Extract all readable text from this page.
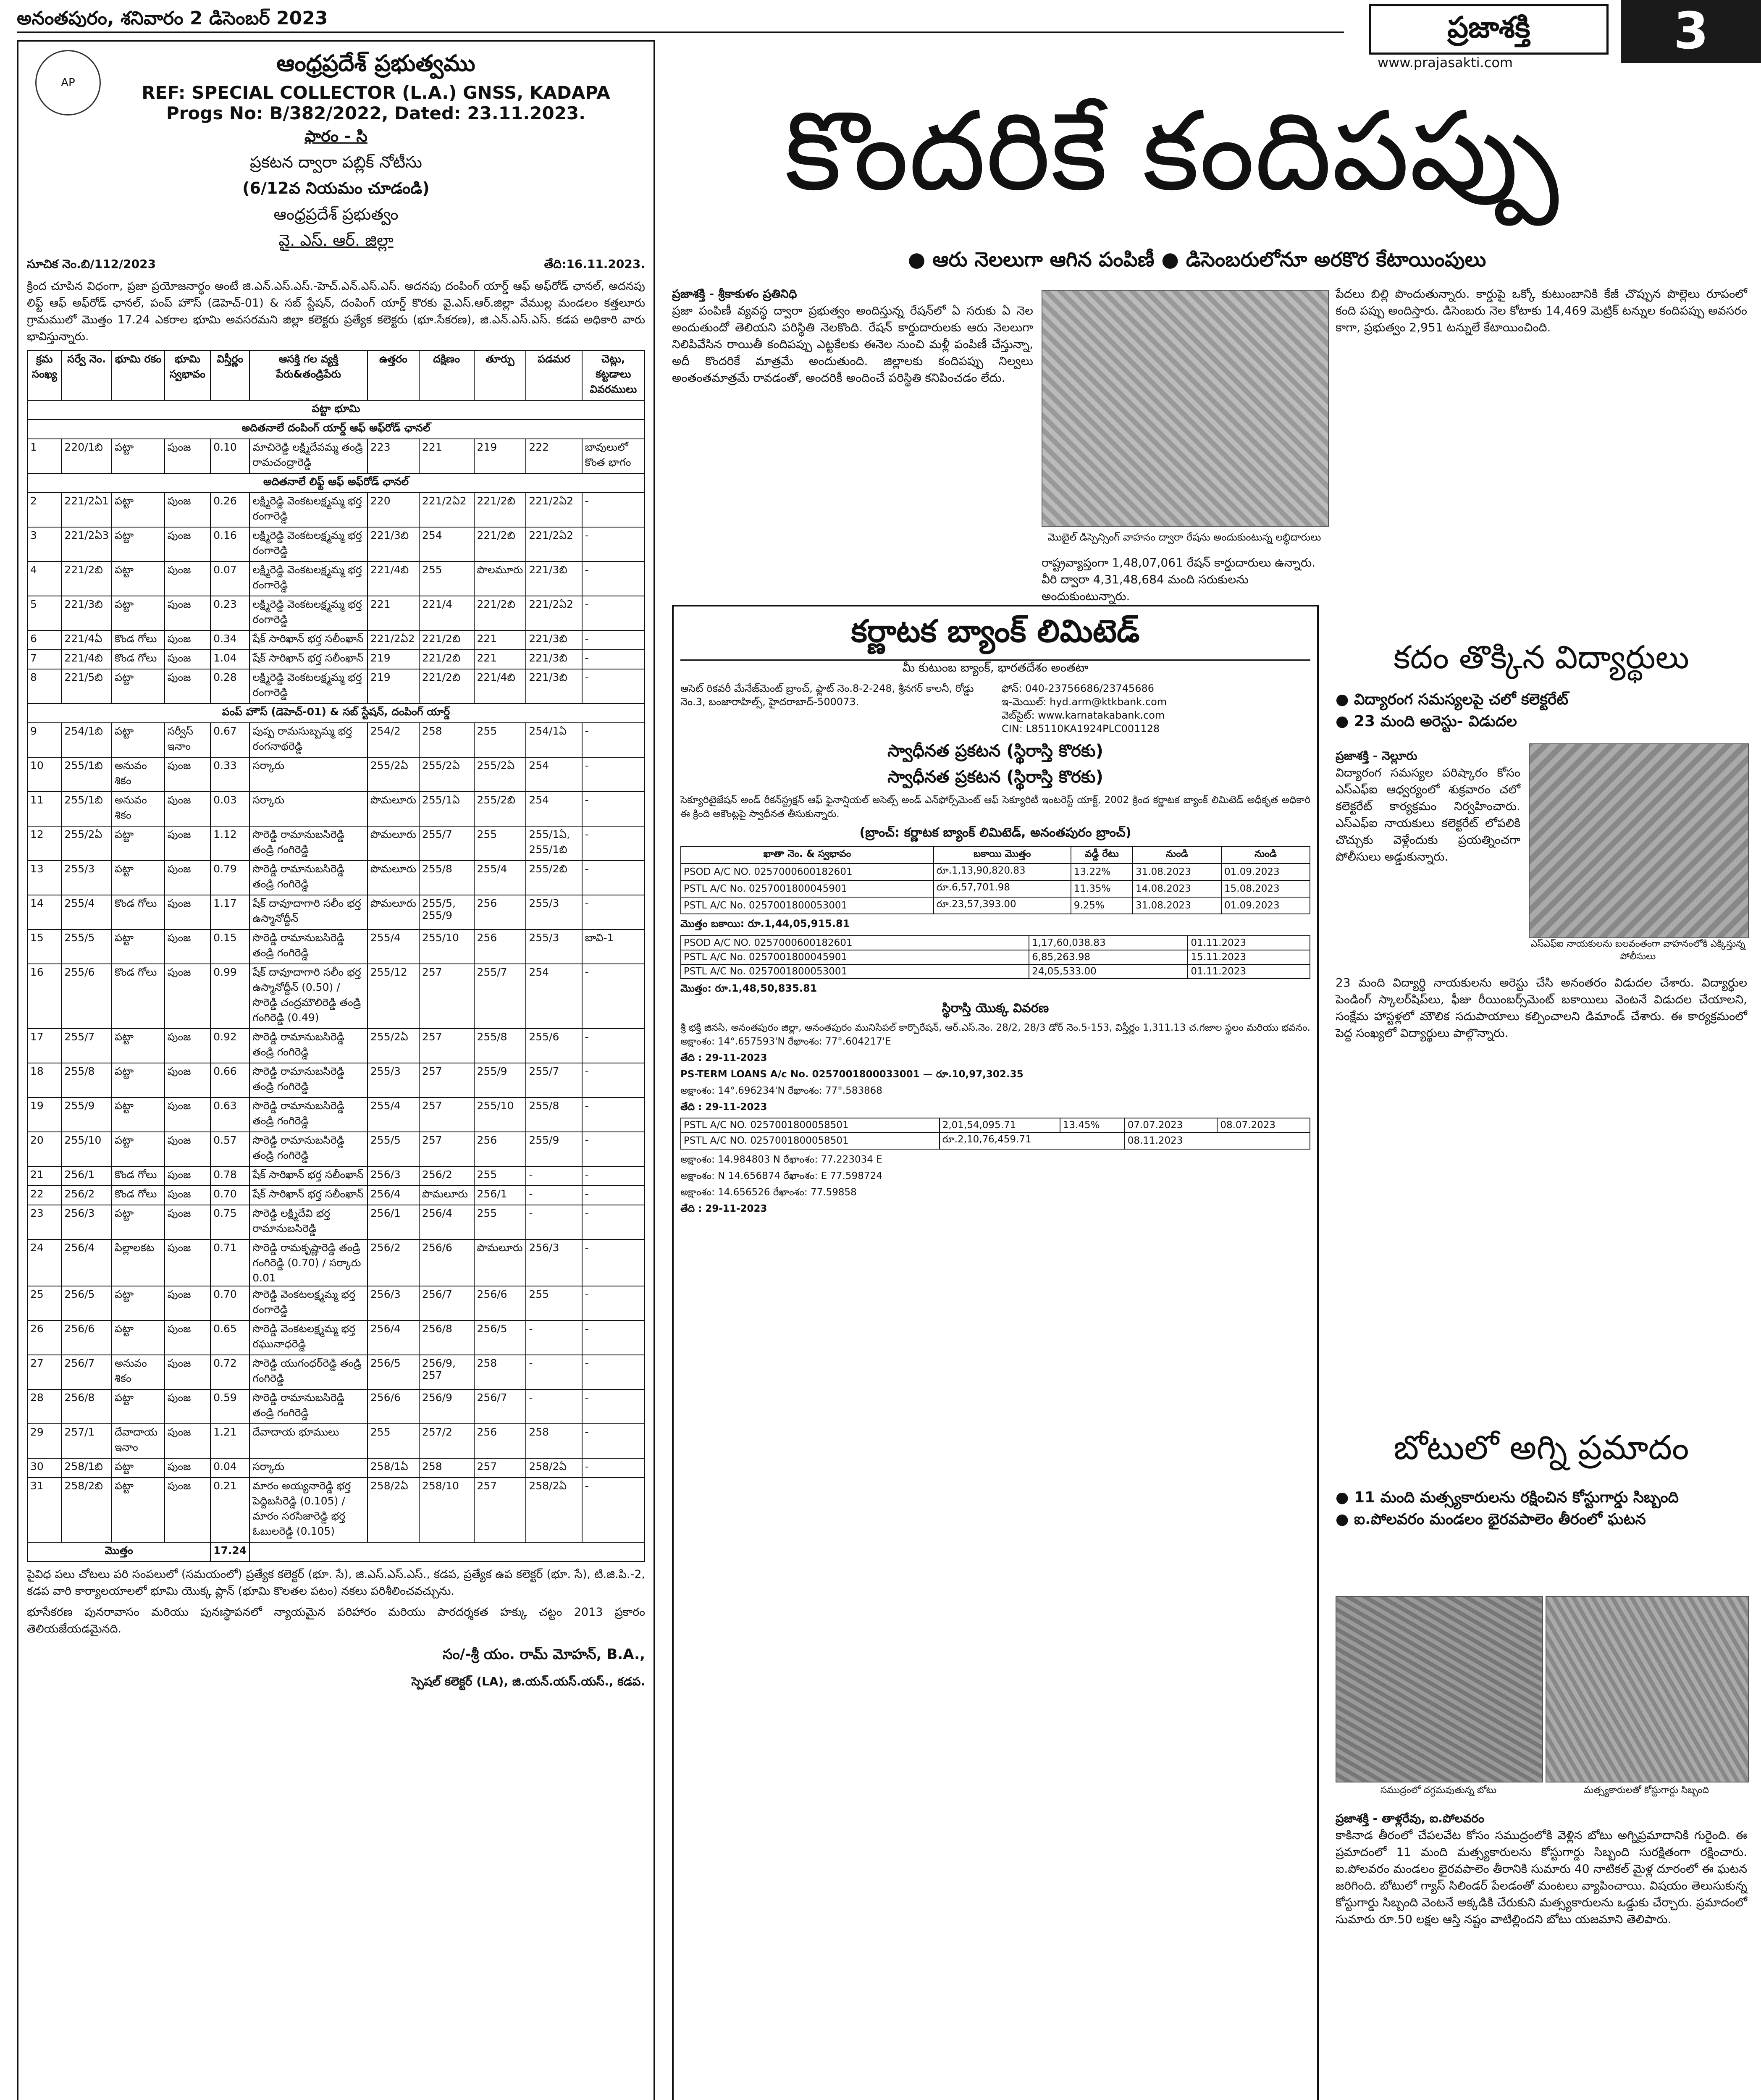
అనంతపురం, శనివారం 2 డిసెంబర్ 2023	ప్రజాశక్తి
www.prajasakti.com
3
AP
ఆంధ్రప్రదేశ్ ప్రభుత్వము
REF: SPECIAL COLLECTOR (L.A.) GNSS, KADAPA
Progs No: B/382/2022, Dated: 23.11.2023.
ఫారం - సి
ప్రకటన ద్వారా పబ్లిక్ నోటీసు
(6/12వ నియమం చూడండి)
ఆంధ్రప్రదేశ్ ప్రభుత్వం
వై. ఎస్. ఆర్. జిల్లా
సూచిక నెం.బి/112/2023	తేది:16.11.2023.
క్రింద చూపిన విధంగా, ప్రజా ప్రయోజనార్థం అంటే జి.ఎన్.ఎస్.ఎస్.-హెచ్.ఎన్.ఎస్.ఎస్. అదనపు దంపింగ్ యార్డ్ ఆఫ్ అఫ్‌రోడ్ ఛానల్, అదనపు లిఫ్ట్ ఆఫ్ అఫ్‌రోడ్ ఛానల్, పంప్ హౌస్ (డెహెచ్-01) & సబ్ స్టేషన్, దంపింగ్ యార్డ్ కొరకు వై.ఎస్.ఆర్.జిల్లా వేముల్ల మండలం కత్తలూరు గ్రామములో మొత్తం 17.24 ఎకరాల భూమి అవసరమని జిల్లా కలెక్టరు ప్రత్యేక కలెక్టరు (భూ.సేకరణ), జి.ఎన్.ఎస్.ఎస్. కడప అధికారి వారు భావిస్తున్నారు.
క్రమ సంఖ్య	సర్వే నెం.	భూమి రకం	భూమి స్వభావం	విస్తీర్ణం	ఆసక్తి గల వ్యక్తి పేరు&తండ్రిపేరు	ఉత్తరం	దక్షిణం	తూర్పు	పడమర	చెట్లు, కట్టడాలు వివరములు
పట్టా భూమి										
అదితనాలే దంపింగ్ యార్డ్ ఆఫ్ అఫ్‌రోడ్ ఛానల్										
1	220/1బి	పట్టా	పుంజ	0.10	మాచిరెడ్డి లక్ష్మిదేవమ్మ తండ్రి రామచంద్రారెడ్డి	223	221	219	222	బావులులో కొంత భాగం
అదితనాలే లిఫ్ట్ ఆఫ్ అఫ్‌రోడ్ ఛానల్										
2	221/2ఏ1	పట్టా	పుంజ	0.26	లక్ష్మిరెడ్డి వెంకటలక్ష్మమ్మ భర్త రంగారెడ్డి	220	221/2ఏ2	221/2బి	221/2ఏ2	-
3	221/2ఏ3	పట్టా	పుంజ	0.16	లక్ష్మిరెడ్డి వెంకటలక్ష్మమ్మ భర్త రంగారెడ్డి	221/3బి	254	221/2బి	221/2ఏ2	-
4	221/2బి	పట్టా	పుంజ	0.07	లక్ష్మిరెడ్డి వెంకటలక్ష్మమ్మ భర్త రంగారెడ్డి	221/4బి	255	పొలమూరు	221/3బి	-
5	221/3బి	పట్టా	పుంజ	0.23	లక్ష్మిరెడ్డి వెంకటలక్ష్మమ్మ భర్త రంగారెడ్డి	221	221/4	221/2బి	221/2ఏ2	-
6	221/4ఏ	కొండ గోలు	పుంజ	0.34	షేక్ సారిఖాన్ భర్త సలీంఖాన్	221/2ఏ2	221/2బి	221	221/3బి	-
7	221/4బి	కొండ గోలు	పుంజ	1.04	షేక్ సారిఖాన్ భర్త సలీంఖాన్	219	221/2బి	221	221/3బి	-
8	221/5బి	పట్టా	పుంజ	0.28	లక్ష్మిరెడ్డి వెంకటలక్ష్మమ్మ భర్త రంగారెడ్డి	219	221/2బి	221/4బి	221/3బి	-
పంప్ హౌస్ (డెహెచ్-01) & సబ్ స్టేషన్, దంపింగ్ యార్డ్										
9	254/1బి	పట్టా	సర్వీస్ ఇనాం	0.67	పుష్ప రామసుబ్బమ్మ భర్త రంగనాథరెడ్డి	254/2	258	255	254/1ఏ	-
10	255/1బి	అనువం శికం	పుంజ	0.33	సర్కారు	255/2ఏ	255/2ఏ	255/2ఏ	254	-
11	255/1బి	అనువం శికం	పుంజ	0.03	సర్కారు	పొమలూరు	255/1ఏ	255/2బి	254	-
12	255/2ఏ	పట్టా	పుంజ	1.12	సొరెడ్డి రామానుబసిరెడ్డి తండ్రి గంగిరెడ్డి	పొమలూరు	255/7	255	255/1ఏ, 255/1బి	-
13	255/3	పట్టా	పుంజ	0.79	సొరెడ్డి రామానుబసిరెడ్డి తండ్రి గంగిరెడ్డి	పొమలూరు	255/8	255/4	255/2బి	-
14	255/4	కొండ గోలు	పుంజ	1.17	షేక్ దావూదాగారి సలీం భర్త ఉస్మానోద్దీన్	పొమలూరు	255/5, 255/9	256	255/3	-
15	255/5	పట్టా	పుంజ	0.15	సొరెడ్డి రామానుబసిరెడ్డి తండ్రి గంగిరెడ్డి	255/4	255/10	256	255/3	బావి-1
16	255/6	కొండ గోలు	పుంజ	0.99	షేక్ దావూదాగారి సలీం భర్త ఉస్మానోద్దీన్ (0.50) / సొరెడ్డి చంద్రమౌలిరెడ్డి తండ్రి గంగిరెడ్డి (0.49)	255/12	257	255/7	254	-
17	255/7	పట్టా	పుంజ	0.92	సొరెడ్డి రామానుబసిరెడ్డి తండ్రి గంగిరెడ్డి	255/2ఏ	257	255/8	255/6	-
18	255/8	పట్టా	పుంజ	0.66	సొరెడ్డి రామానుబసిరెడ్డి తండ్రి గంగిరెడ్డి	255/3	257	255/9	255/7	-
19	255/9	పట్టా	పుంజ	0.63	సొరెడ్డి రామానుబసిరెడ్డి తండ్రి గంగిరెడ్డి	255/4	257	255/10	255/8	-
20	255/10	పట్టా	పుంజ	0.57	సొరెడ్డి రామానుబసిరెడ్డి తండ్రి గంగిరెడ్డి	255/5	257	256	255/9	-
21	256/1	కొండ గోలు	పుంజ	0.78	షేక్ సారిఖాన్ భర్త సలీంఖాన్	256/3	256/2	255	-	-
22	256/2	కొండ గోలు	పుంజ	0.70	షేక్ సారిఖాన్ భర్త సలీంఖాన్	256/4	పొమలూరు	256/1	-	-
23	256/3	పట్టా	పుంజ	0.75	సొరెడ్డి లక్ష్మిదేవి భర్త రామానుబసిరెడ్డి	256/1	256/4	255	-	-
24	256/4	పిల్లాలకట	పుంజ	0.71	సొరెడ్డి రామకృష్ణారెడ్డి తండ్రి గంగిరెడ్డి (0.70) / సర్కారు 0.01	256/2	256/6	పొమలూరు	256/3	-
25	256/5	పట్టా	పుంజ	0.70	సొరెడ్డి వెంకటలక్ష్మమ్మ భర్త రంగారెడ్డి	256/3	256/7	256/6	255	-
26	256/6	పట్టా	పుంజ	0.65	సొరెడ్డి వెంకటలక్ష్మమ్మ భర్త రఘునాధరెడ్డి	256/4	256/8	256/5	-	-
27	256/7	అనువం శికం	పుంజ	0.72	సొరెడ్డి యుగంధర్‌రెడ్డి తండ్రి గంగిరెడ్డి	256/5	256/9, 257	258	-	-
28	256/8	పట్టా	పుంజ	0.59	సొరెడ్డి రామానుబసిరెడ్డి తండ్రి గంగిరెడ్డి	256/6	256/9	256/7	-	-
29	257/1	దేవాదాయ ఇనాం	పుంజ	1.21	దేవాదాయ భూములు	255	257/2	256	258	-
30	258/1బి	పట్టా	పుంజ	0.04	సర్కారు	258/1ఏ	258	257	258/2ఏ	-
31	258/2బి	పట్టా	పుంజ	0.21	మారం అయ్యనారెడ్డి భర్త పెద్దిబసిరెడ్డి (0.105) / మారం సరసిజారెడ్డి భర్త ఓబులరెడ్డి (0.105)	258/2ఏ	258/10	257	258/2ఏ	-
మొత్తం				17.24						
పైవిధ పలు చోటలు పరి సంపలులో (సమయంలో) ప్రత్యేక కలెక్టర్ (భూ. సే), జి.ఎస్.ఎస్.ఎస్., కడప, ప్రత్యేక ఉప కలెక్టర్ (భూ. సే), టి.జి.పి.-2, కడప వారి కార్యాలయాలలో భూమి యొక్క ప్లాన్ (భూమి కొలతల పటం) నకలు పరిశీలించవచ్చును.
భూసేకరణ పునరావాసం మరియు పునఃస్థాపనలో న్యాయమైన పరిహారం మరియు పారదర్శకత హక్కు చట్టం 2013 ప్రకారం తెలియజేయడమైనది.
సం/-శ్రీ యం. రామ్ మోహన్, B.A.,
స్పెషల్ కలెక్టర్ (LA), జి.యన్.యస్.యస్., కడప.
కొందరికే కందిపప్పు
● ఆరు నెలలుగా ఆగిన పంపిణీ ● డిసెంబరులోనూ అరకొర కేటాయింపులు
ప్రజాశక్తి - శ్రీకాకుళం ప్రతినిధి
ప్రజా పంపిణీ వ్యవస్థ ద్వారా ప్రభుత్వం అందిస్తున్న రేషన్‌లో ఏ సరుకు ఏ నెల అందుతుందో తెలియని పరిస్థితి నెలకొంది. రేషన్ కార్డుదారులకు ఆరు నెలలుగా నిలిపివేసిన రాయితీ కందిపప్పు ఎట్టకేలకు ఈనెల నుంచి మళ్లీ పంపిణీ చేస్తున్నా, అదీ కొందరికే మాత్రమే అందుతుంది. జిల్లాలకు కందిపప్పు నిల్వలు అంతంతమాత్రమే రావడంతో, అందరికీ అందించే పరిస్థితి కనిపించడం లేదు.
మొబైల్ డిస్పెన్సింగ్ వాహనం ద్వారా రేషను అందుకుంటున్న లబ్ధిదారులు
పేదలు బిల్లి పొందుతున్నారు. కార్డుపై ఒక్కో కుటుంబానికి కేజీ చొప్పున పొల్లెలు రూపంలో కంది పప్పు అందిస్తారు. డిసెంబరు నెల కోటాకు 14,469 మెట్రిక్ టన్నుల కందిపప్పు అవసరం కాగా, ప్రభుత్వం 2,951 టన్నులే కేటాయించింది.
రాష్ట్రవ్యాప్తంగా 1,48,07,061 రేషన్ కార్డుదారులు ఉన్నారు. వీరి ద్వారా 4,31,48,684 మంది సరుకులను అందుకుంటున్నారు.
కర్ణాటక బ్యాంక్ లిమిటెడ్
మీ కుటుంబ బ్యాంక్, భారతదేశం అంతటా
ఆసెట్ రికవరీ మేనేజ్‌మెంట్ బ్రాంచ్, ఫ్లాట్ నెం.8-2-248, శ్రీనగర్ కాలనీ, రోడ్డు నెం.3, బంజారాహిల్స్, హైదరాబాద్-500073.
ఫోన్: 040-23756686/23745686
ఇ-మెయిల్: hyd.arm@ktkbank.com
వెబ్‌సైట్: www.karnatakabank.com
CIN: L85110KA1924PLC001128
స్వాధీనత ప్రకటన (స్థిరాస్తి కొరకు)
స్వాధీనత ప్రకటన (స్థిరాస్తి కొరకు)
సెక్యూరిటైజేషన్ అండ్ రీకన్‌స్ట్రక్షన్ ఆఫ్ ఫైనాన్షియల్ అసెట్స్ అండ్ ఎన్‌ఫోర్స్‌మెంట్ ఆఫ్ సెక్యూరిటీ ఇంటరెస్ట్ యాక్ట్, 2002 క్రింద కర్ణాటక బ్యాంక్ లిమిటెడ్ అధీకృత అధికారి ఈ క్రింది అకౌంట్లపై స్వాధీనత తీసుకున్నారు.
(బ్రాంచ్: కర్ణాటక బ్యాంక్ లిమిటెడ్, అనంతపురం బ్రాంచ్)
ఖాతా నెం. & స్వభావం	బకాయి మొత్తం	వడ్డీ రేటు	నుండి	నుండి
PSOD A/C NO. 0257000600182601	రూ.1,13,90,820.83	13.22%	31.08.2023	01.09.2023
PSTL A/C No. 0257001800045901	రూ.6,57,701.98	11.35%	14.08.2023	15.08.2023
PSTL A/C No. 0257001800053001	రూ.23,57,393.00	9.25%	31.08.2023	01.09.2023
మొత్తం బకాయి: రూ.1,44,05,915.81
PSOD A/C NO. 0257000600182601	1,17,60,038.83	01.11.2023
PSTL A/C No. 0257001800045901	6,85,263.98	15.11.2023
PSTL A/C No. 0257001800053001	24,05,533.00	01.11.2023
మొత్తం: రూ.1,48,50,835.81
స్థిరాస్తి యొక్క వివరణ
శ్రీ భక్తి జినసి, అనంతపురం జిల్లా, అనంతపురం మునిసిపల్ కార్పొరేషన్, ఆర్.ఎస్.నెం. 28/2, 28/3 డోర్ నెం.5-153, విస్తీర్ణం 1,311.13 చ.గజాల స్థలం మరియు భవనం. అక్షాంశం: 14°.657593'N రేఖాంశం: 77°.604217'E
తేది : 29-11-2023
PS-TERM LOANS A/c No. 0257001800033001 — రూ.10,97,302.35
అక్షాంశం: 14°.696234'N రేఖాంశం: 77°.583868
తేది : 29-11-2023
PSTL A/C NO. 0257001800058501	2,01,54,095.71	13.45%	07.07.2023	08.07.2023
PSTL A/C NO. 0257001800058501	రూ.2,10,76,459.71		08.11.2023	
అక్షాంశం: 14.984803 N రేఖాంశం: 77.223034 E
అక్షాంశం: N 14.656874 రేఖాంశం: E 77.598724
అక్షాంశం: 14.656526 రేఖాంశం: 77.59858
తేది : 29-11-2023
కదం తొక్కిన విద్యార్థులు
● విద్యారంగ సమస్యలపై చలో కలెక్టరేట్
● 23 మంది అరెస్టు- విడుదల
ప్రజాశక్తి - నెల్లూరు
విద్యారంగ సమస్యల పరిష్కారం కోసం ఎస్‌ఎఫ్‌ఐ ఆధ్వర్యంలో శుక్రవారం చలో కలెక్టరేట్ కార్యక్రమం నిర్వహించారు. ఎస్‌ఎఫ్‌ఐ నాయకులు కలెక్టరేట్ లోపలికి చొచ్చుకు వెళ్లేందుకు ప్రయత్నించగా పోలీసులు అడ్డుకున్నారు.
ఎస్‌ఎఫ్‌ఐ నాయకులను బలవంతంగా వాహనంలోకి ఎక్కిస్తున్న పోలీసులు
23 మంది విద్యార్థి నాయకులను అరెస్టు చేసి అనంతరం విడుదల చేశారు. విద్యార్థుల పెండింగ్ స్కాలర్‌షిప్‌లు, ఫీజు రీయింబర్స్‌మెంట్ బకాయిలు వెంటనే విడుదల చేయాలని, సంక్షేమ హాస్టళ్లలో మౌలిక సదుపాయాలు కల్పించాలని డిమాండ్ చేశారు. ఈ కార్యక్రమంలో పెద్ద సంఖ్యలో విద్యార్థులు పాల్గొన్నారు.
బోటులో అగ్ని ప్రమాదం
● 11 మంది మత్స్యకారులను రక్షించిన కోస్టుగార్డు సిబ్బంది
● ఐ.పోలవరం మండలం భైరవపాలెం తీరంలో ఘటన
సముద్రంలో దగ్ధమవుతున్న బోటు	మత్స్యకారులతో కోస్టుగార్డు సిబ్బంది
ప్రజాశక్తి - తాళ్లరేవు, ఐ.పోలవరం
కాకినాడ తీరంలో చేపలవేట కోసం సముద్రంలోకి వెళ్లిన బోటు అగ్నిప్రమాదానికి గురైంది. ఈ ప్రమాదంలో 11 మంది మత్స్యకారులను కోస్టుగార్డు సిబ్బంది సురక్షితంగా రక్షించారు. ఐ.పోలవరం మండలం భైరవపాలెం తీరానికి సుమారు 40 నాటికల్ మైళ్ల దూరంలో ఈ ఘటన జరిగింది. బోటులో గ్యాస్ సిలిండర్ పేలడంతో మంటలు వ్యాపించాయి. విషయం తెలుసుకున్న కోస్టుగార్డు సిబ్బంది వెంటనే అక్కడికి చేరుకుని మత్స్యకారులను ఒడ్డుకు చేర్చారు. ప్రమాదంలో సుమారు రూ.50 లక్షల ఆస్తి నష్టం వాటిల్లిందని బోటు యజమాని తెలిపారు.
